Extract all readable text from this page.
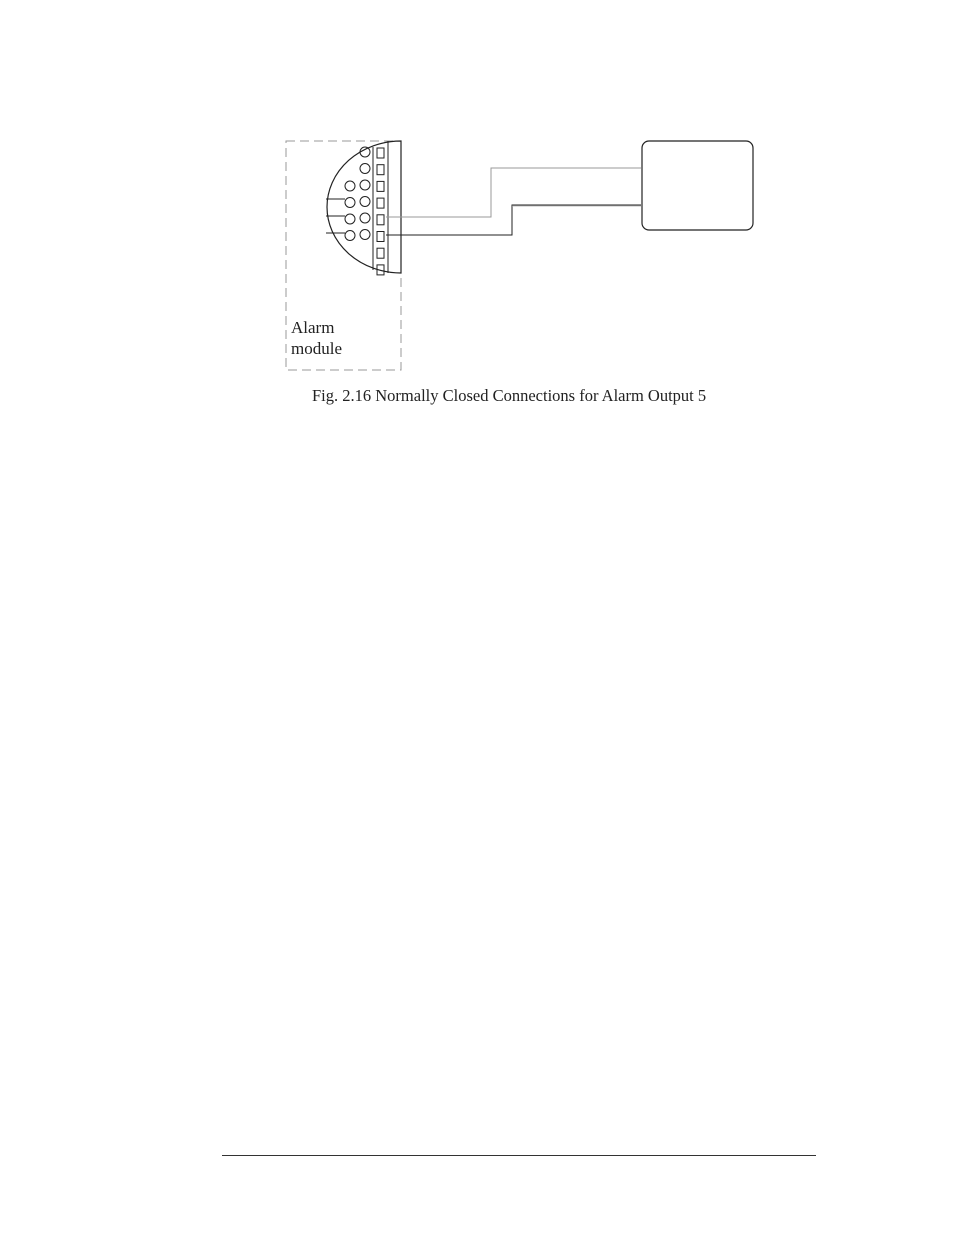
Alarm
module
Fig. 2.16 Normally Closed Connections for Alarm Output 5
